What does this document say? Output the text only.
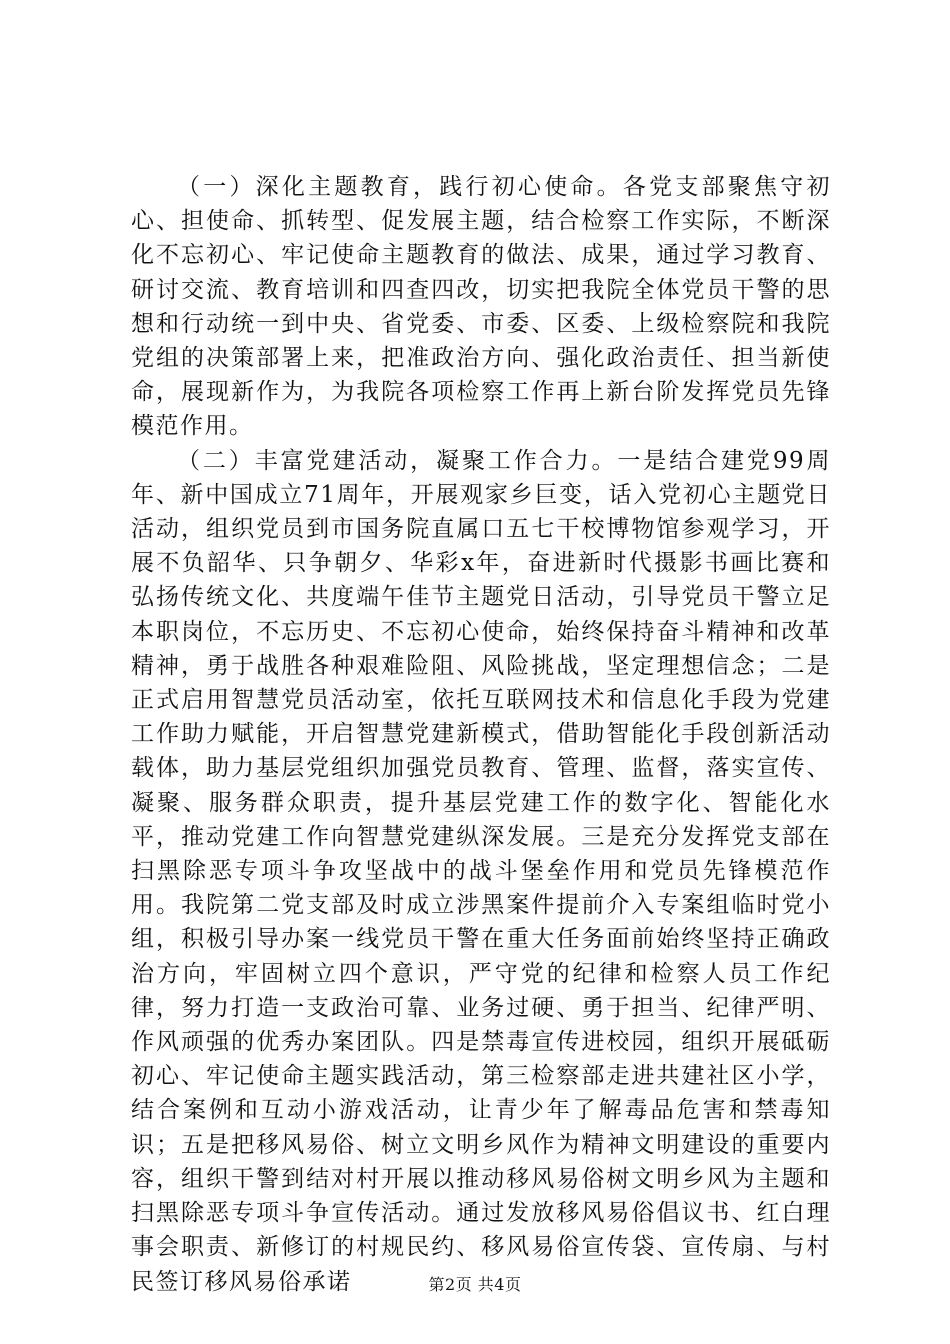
（一）深化主题教育，践行初心使命。各党支部聚焦守初心、担使命、抓转型、促发展主题，结合检察工作实际，不断深化不忘初心、牢记使命主题教育的做法、成果，通过学习教育、研讨交流、教育培训和四查四改，切实把我院全体党员干警的思想和行动统一到中央、省党委、市委、区委、上级检察院和我院党组的决策部署上来，把准政治方向、强化政治责任、担当新使命，展现新作为，为我院各项检察工作再上新台阶发挥党员先锋模范作用。

（二）丰富党建活动，凝聚工作合力。一是结合建党99周年、新中国成立71周年，开展观家乡巨变，话入党初心主题党日活动，组织党员到市国务院直属口五七干校博物馆参观学习，开展不负韶华、只争朝夕、华彩x年，奋进新时代摄影书画比赛和弘扬传统文化、共度端午佳节主题党日活动，引导党员干警立足本职岗位，不忘历史、不忘初心使命，始终保持奋斗精神和改革精神，勇于战胜各种艰难险阻、风险挑战，坚定理想信念；二是正式启用智慧党员活动室，依托互联网技术和信息化手段为党建工作助力赋能，开启智慧党建新模式，借助智能化手段创新活动载体，助力基层党组织加强党员教育、管理、监督，落实宣传、凝聚、服务群众职责，提升基层党建工作的数字化、智能化水平，推动党建工作向智慧党建纵深发展。三是充分发挥党支部在扫黑除恶专项斗争攻坚战中的战斗堡垒作用和党员先锋模范作用。我院第二党支部及时成立涉黑案件提前介入专案组临时党小组，积极引导办案一线党员干警在重大任务面前始终坚持正确政治方向，牢固树立四个意识，严守党的纪律和检察人员工作纪律，努力打造一支政治可靠、业务过硬、勇于担当、纪律严明、作风顽强的优秀办案团队。四是禁毒宣传进校园，组织开展砥砺初心、牢记使命主题实践活动，第三检察部走进共建社区小学，结合案例和互动小游戏活动，让青少年了解毒品危害和禁毒知识；五是把移风易俗、树立文明乡风作为精神文明建设的重要内容，组织干警到结对村开展以推动移风易俗树文明乡风为主题和扫黑除恶专项斗争宣传活动。通过发放移风易俗倡议书、红白理事会职责、新修订的村规民约、移风易俗宣传袋、宣传扇、与村民签订移风易俗承诺	第2页 共4页
